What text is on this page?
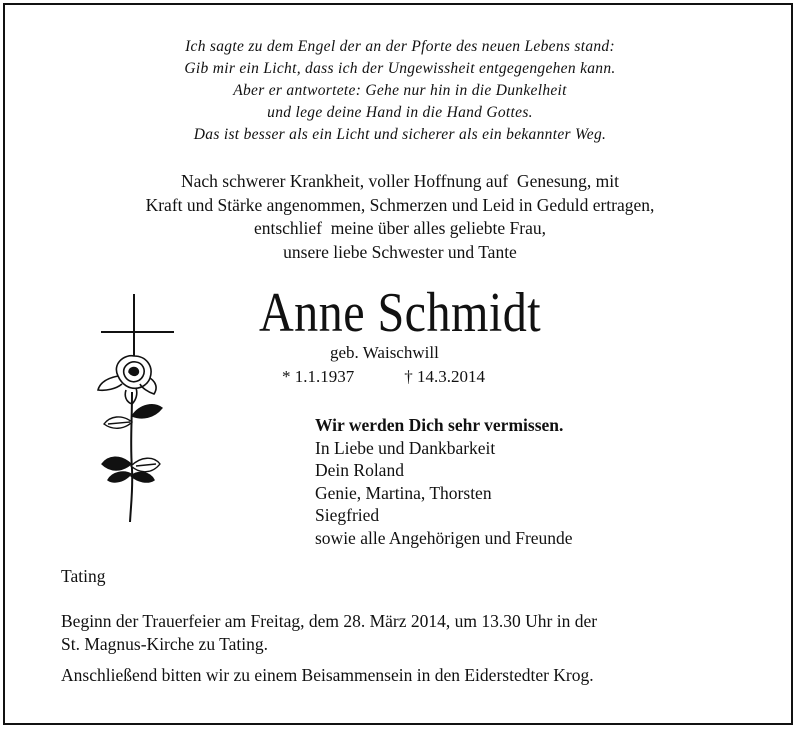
Ich sagte zu dem Engel der an der Pforte des neuen Lebens stand:
Gib mir ein Licht, dass ich der Ungewissheit entgegengehen kann.
Aber er antwortete: Gehe nur hin in die Dunkelheit
und lege deine Hand in die Hand Gottes.
Das ist besser als ein Licht und sicherer als ein bekannter Weg.
Nach schwerer Krankheit, voller Hoffnung auf  Genesung, mit
Kraft und Stärke angenommen, Schmerzen und Leid in Geduld ertragen,
entschlief  meine über alles geliebte Frau,
unsere liebe Schwester und Tante
Anne Schmidt
geb. Waischwill
* 1.1.1937	† 14.3.2014
Wir werden Dich sehr vermissen.
In Liebe und Dankbarkeit
Dein Roland
Genie, Martina, Thorsten
Siegfried
sowie alle Angehörigen und Freunde
Tating
Beginn der Trauerfeier am Freitag, dem 28. März 2014, um 13.30 Uhr in der
St. Magnus-Kirche zu Tating.
Anschließend bitten wir zu einem Beisammensein in den Eiderstedter Krog.
